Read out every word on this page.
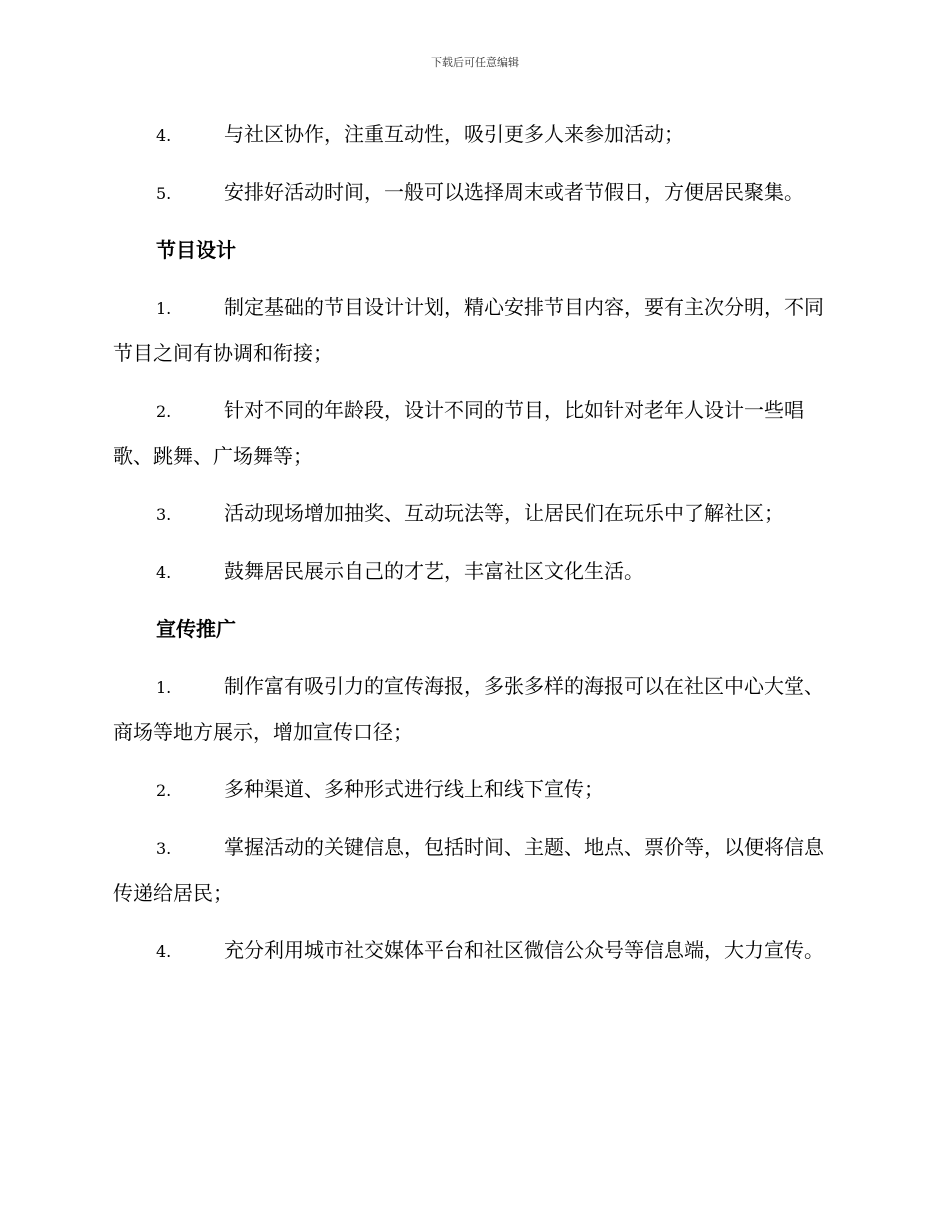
下载后可任意编辑

4.	与社区协作，注重互动性，吸引更多人来参加活动；

5.	安排好活动时间，一般可以选择周末或者节假日，方便居民聚集。

节目设计

1.	制定基础的节目设计计划，精心安排节目内容，要有主次分明，不同节目之间有协调和衔接；

2.	针对不同的年龄段，设计不同的节目，比如针对老年人设计一些唱歌、跳舞、广场舞等；

3.	活动现场增加抽奖、互动玩法等，让居民们在玩乐中了解社区；

4.	鼓舞居民展示自己的才艺，丰富社区文化生活。

宣传推广

1.	制作富有吸引力的宣传海报，多张多样的海报可以在社区中心大堂、商场等地方展示，增加宣传口径；

2.	多种渠道、多种形式进行线上和线下宣传；

3.	掌握活动的关键信息，包括时间、主题、地点、票价等，以便将信息传递给居民；

4.	充分利用城市社交媒体平台和社区微信公众号等信息端，大力宣传。
